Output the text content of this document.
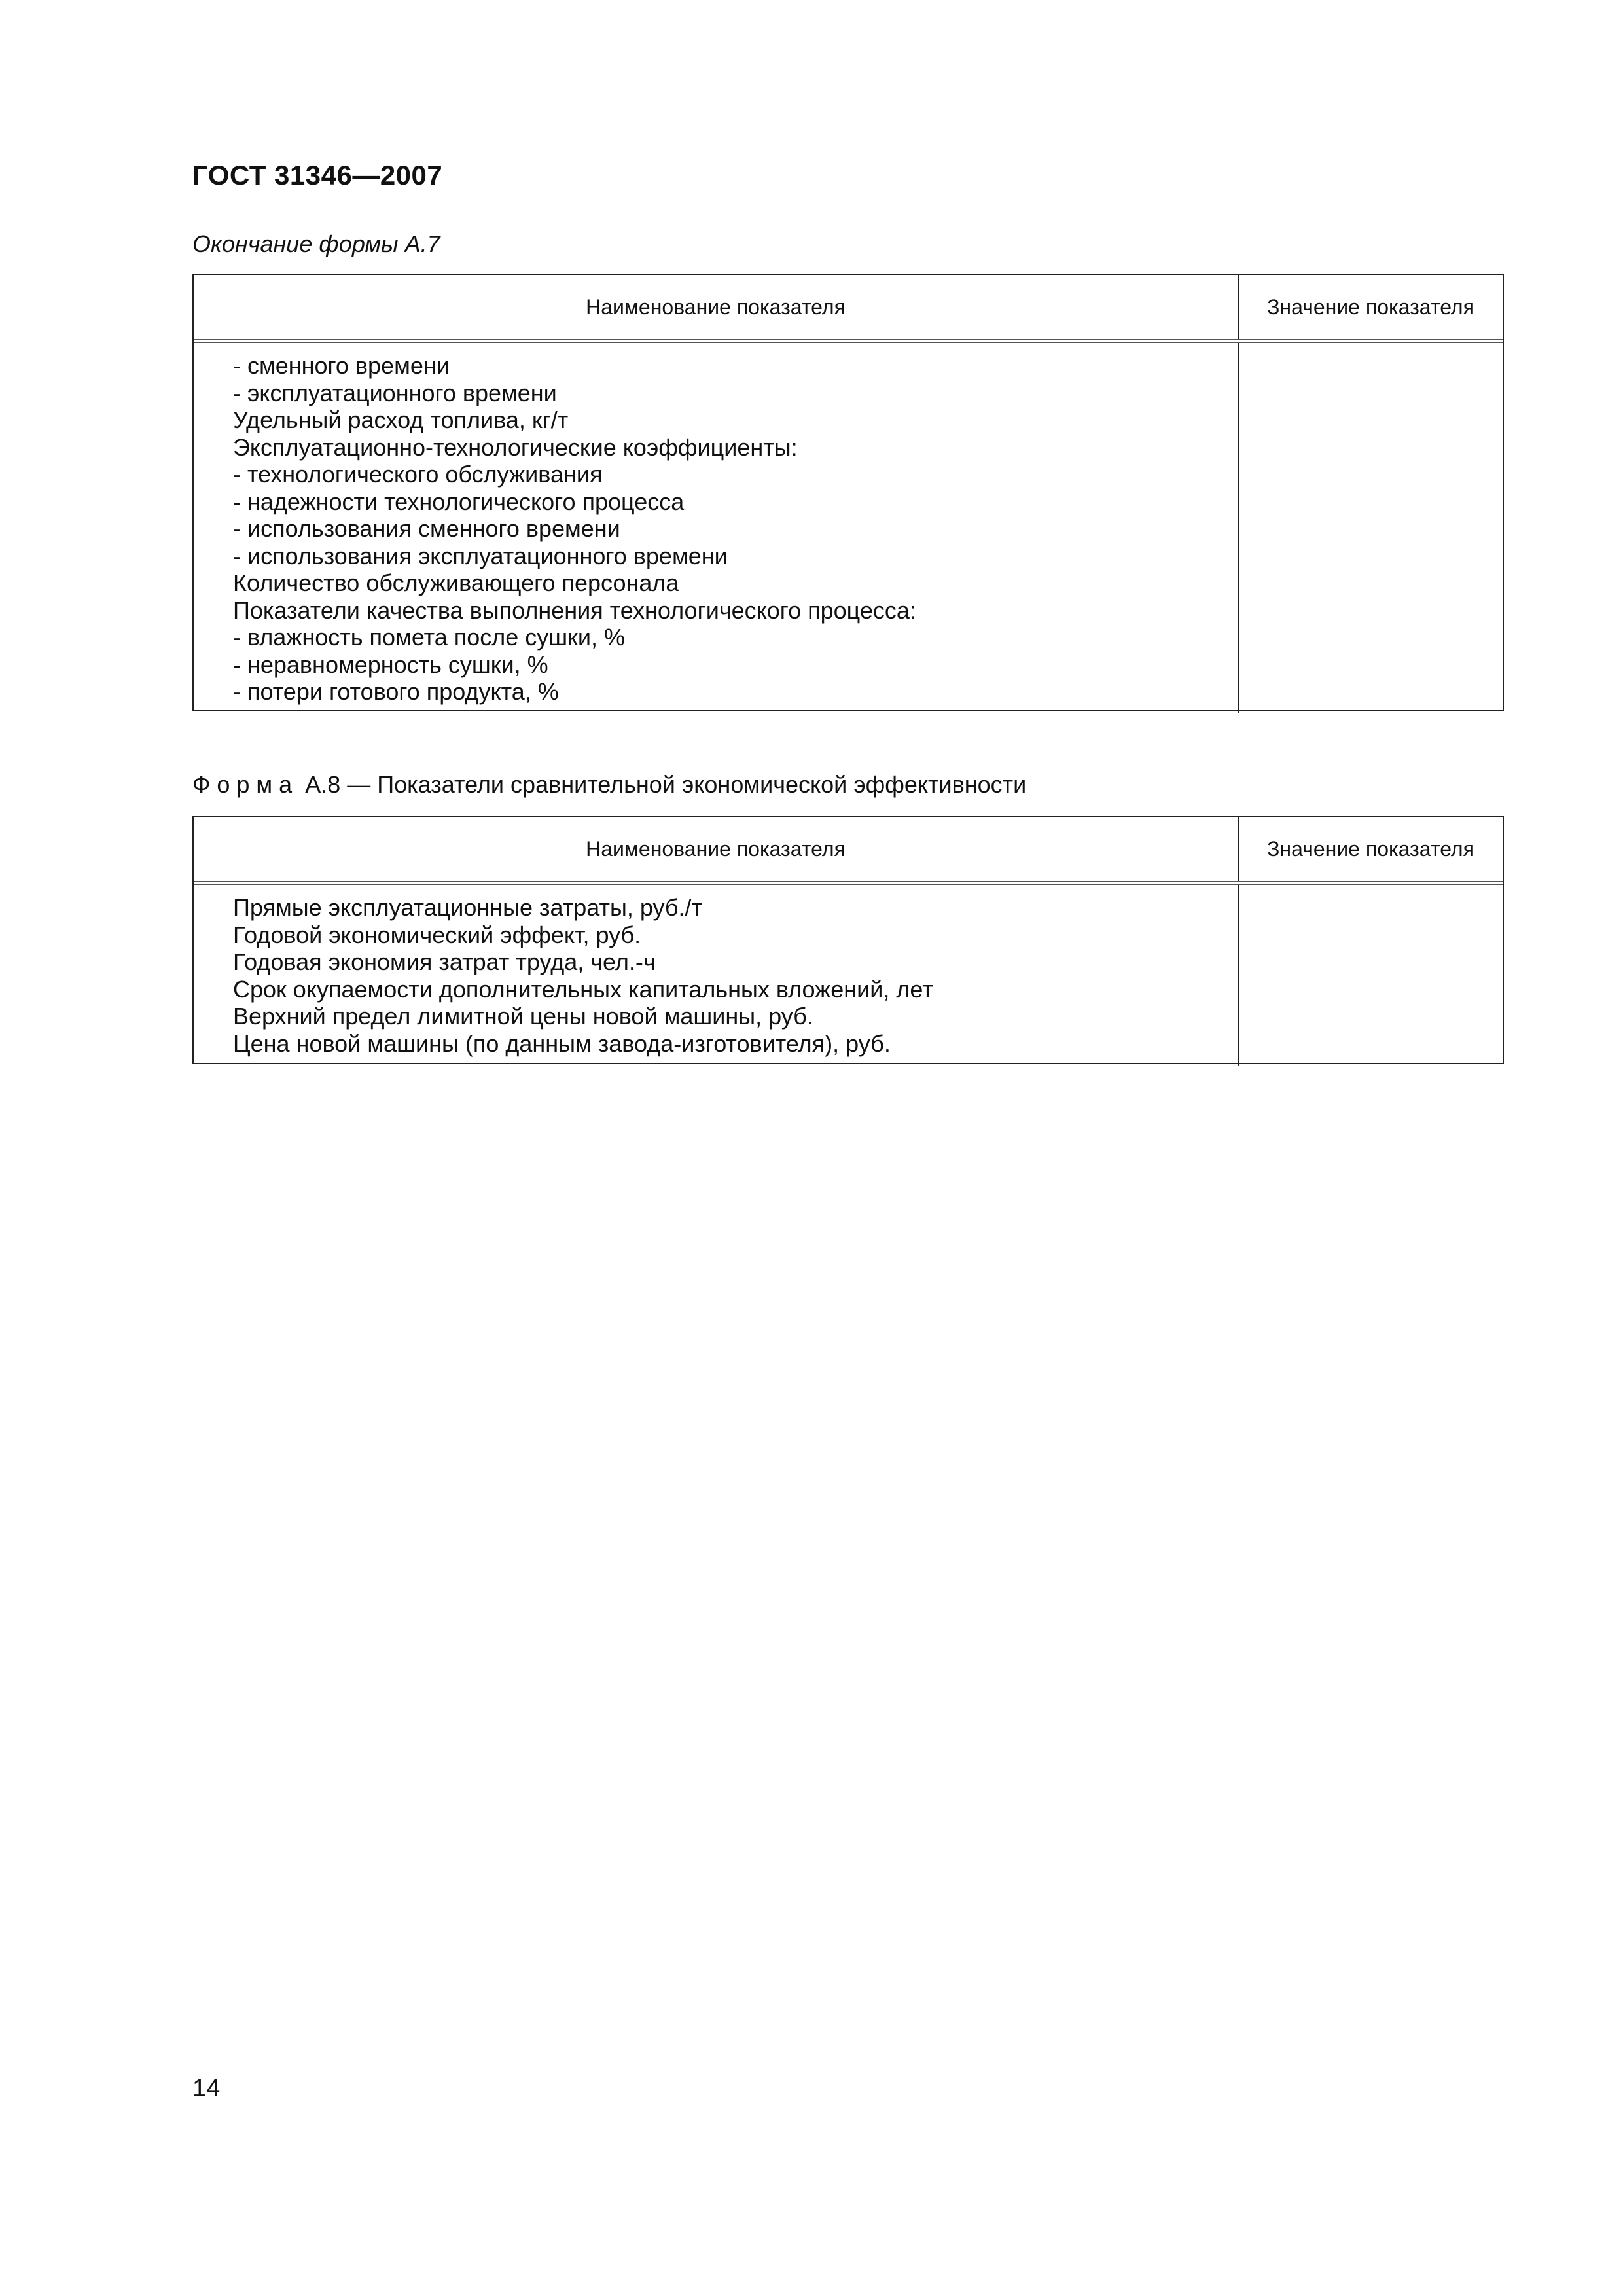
ГОСТ 31346—2007
Окончание формы А.7
Наименование показателя	Значение показателя
- сменного времени
- эксплуатационного времени
Удельный расход топлива, кг/т
Эксплуатационно-технологические коэффициенты:
- технологического обслуживания
- надежности технологического процесса
- использования сменного времени
- использования эксплуатационного времени
Количество обслуживающего персонала
Показатели качества выполнения технологического процесса:
- влажность помета после сушки, %
- неравномерность сушки, %
- потери готового продукта, %
Форма А.8 — Показатели сравнительной экономической эффективности
Наименование показателя	Значение показателя
Прямые эксплуатационные затраты, руб./т
Годовой экономический эффект, руб.
Годовая экономия затрат труда, чел.-ч
Срок окупаемости дополнительных капитальных вложений, лет
Верхний предел лимитной цены новой машины, руб.
Цена новой машины (по данным завода-изготовителя), руб.
14
